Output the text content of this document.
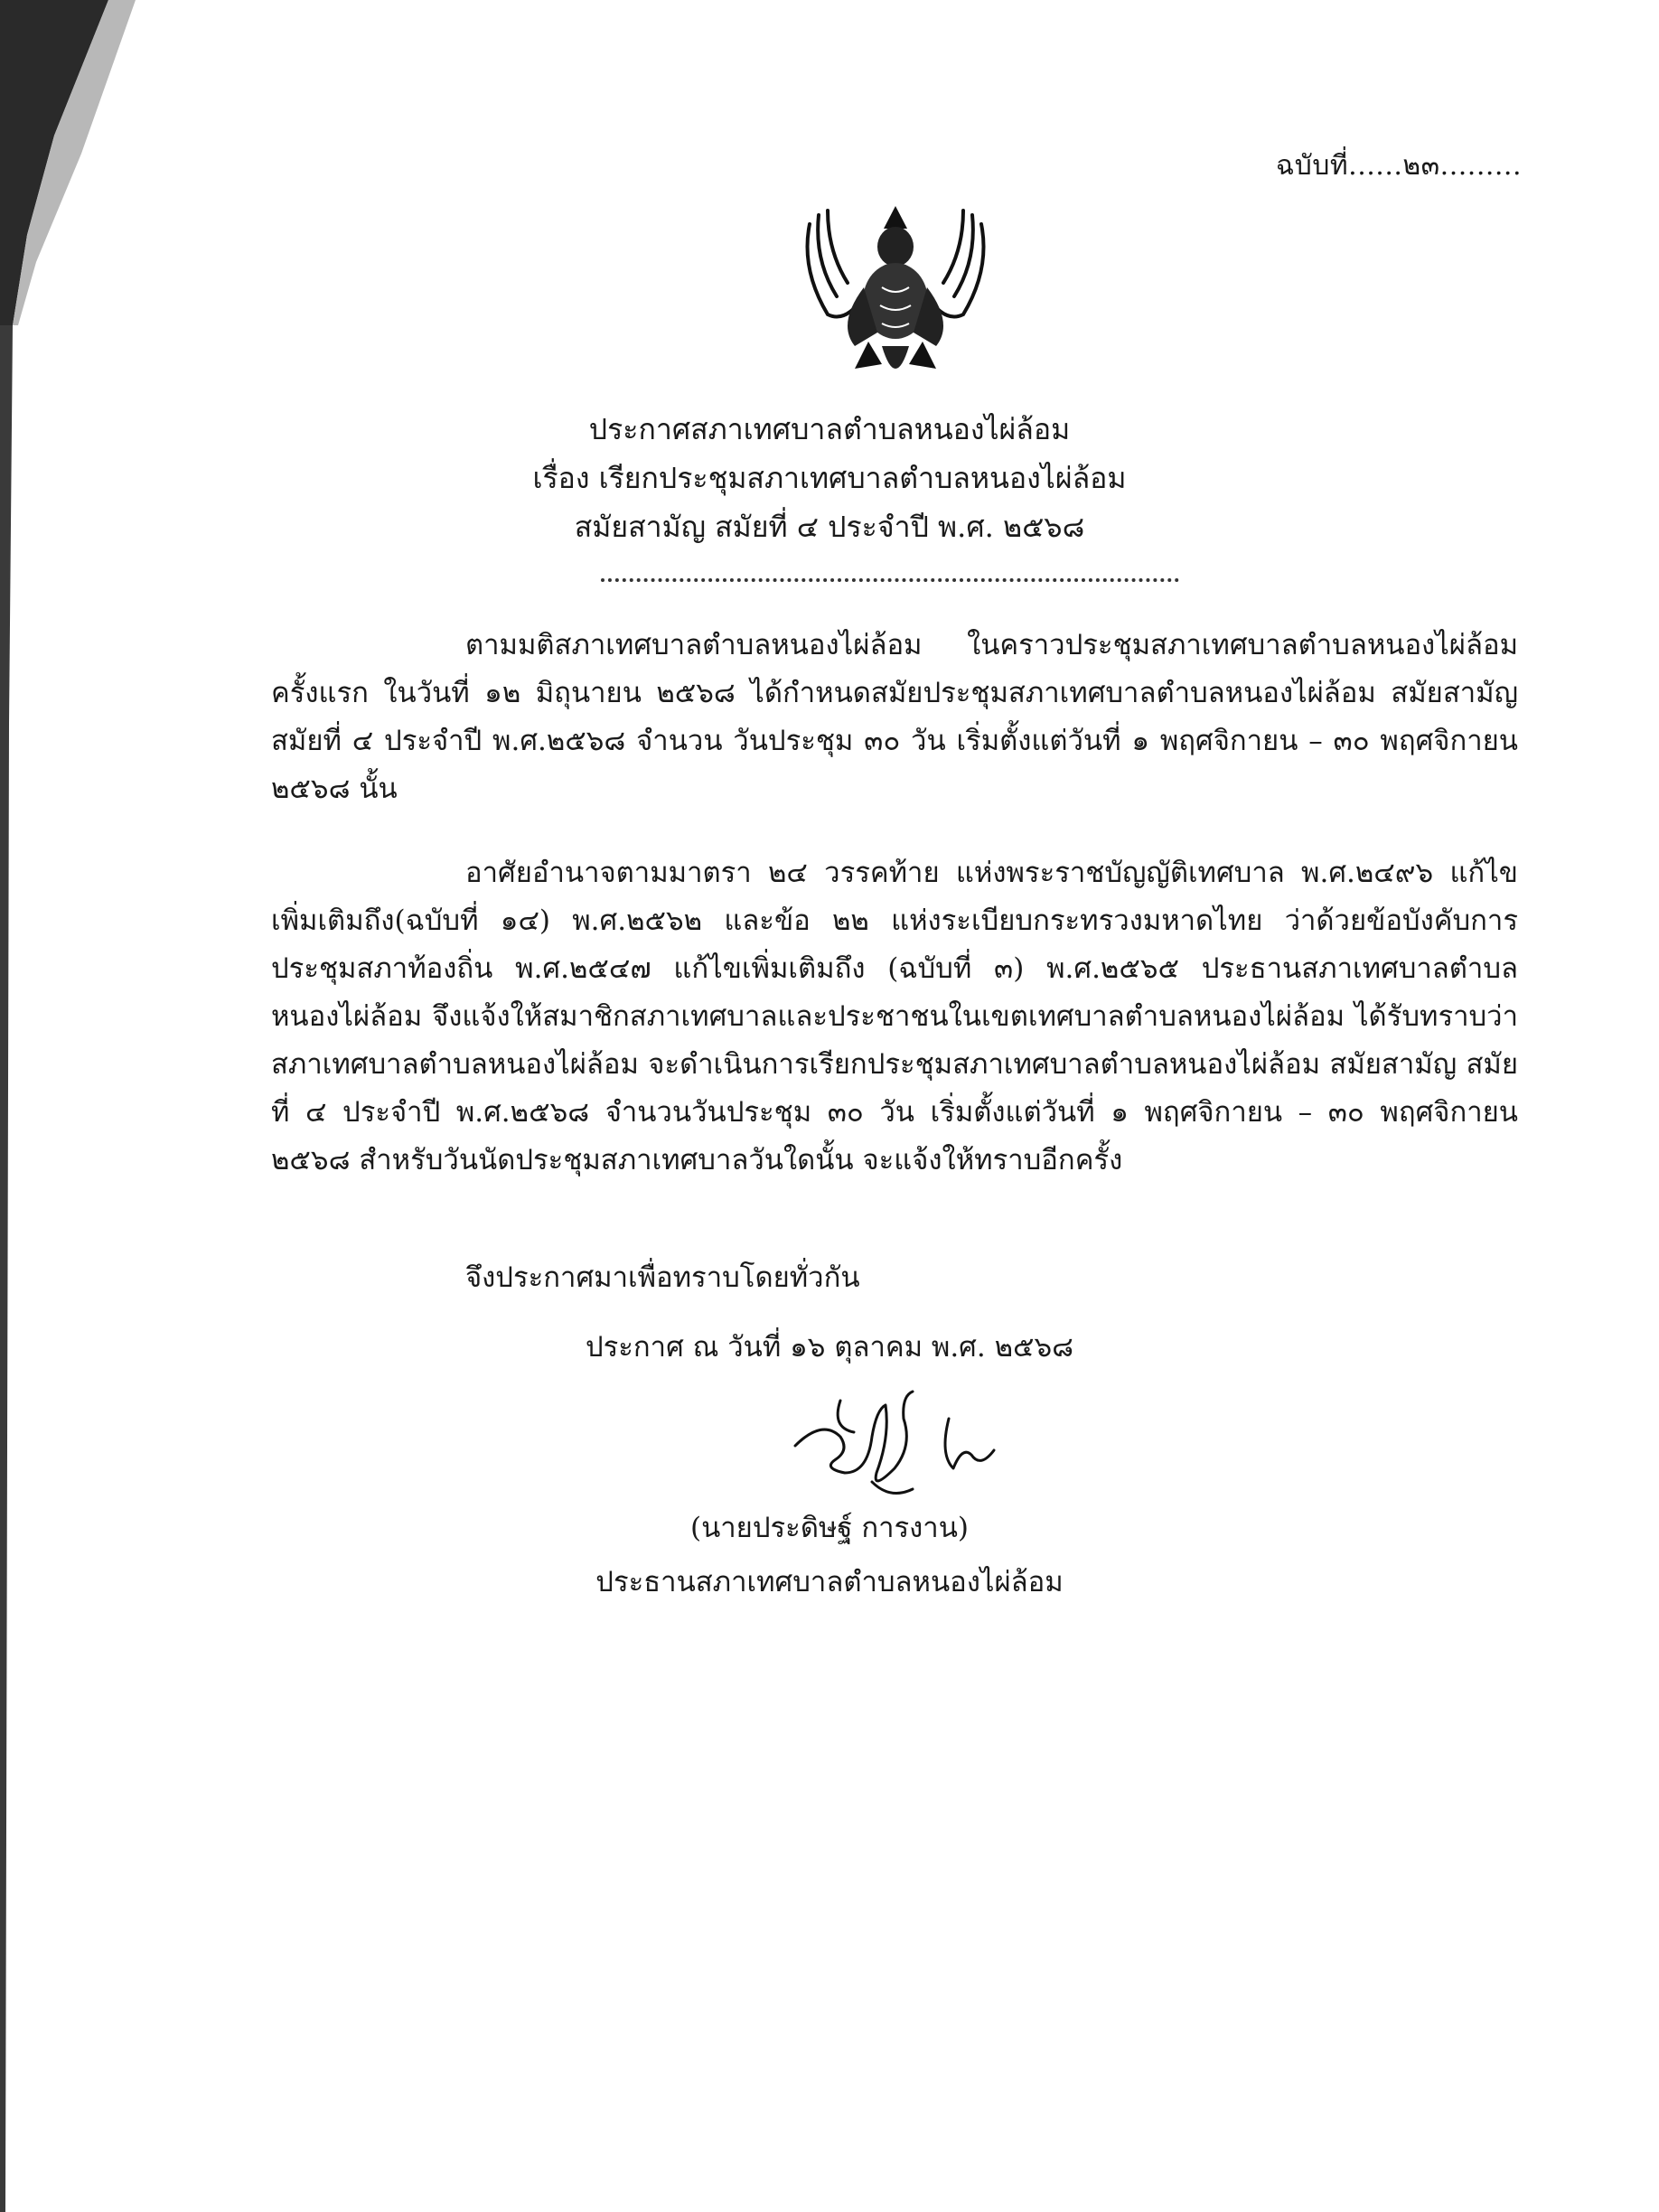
ฉบับที่......๒๓.........
ประกาศสภาเทศบาลตำบลหนองไผ่ล้อม
เรื่อง เรียกประชุมสภาเทศบาลตำบลหนองไผ่ล้อม
สมัยสามัญ สมัยที่ ๔ ประจำปี พ.ศ. ๒๕๖๘
ตามมติสภาเทศบาลตำบลหนองไผ่ล้อม ในคราวประชุมสภาเทศบาลตำบลหนองไผ่ล้อม ครั้งแรก ในวันที่ ๑๒ มิถุนายน ๒๕๖๘ ได้กำหนดสมัยประชุมสภาเทศบาลตำบลหนองไผ่ล้อม สมัยสามัญ สมัยที่ ๔ ประจำปี พ.ศ.๒๕๖๘ จำนวน วันประชุม ๓๐ วัน เริ่มตั้งแต่วันที่ ๑ พฤศจิกายน – ๓๐ พฤศจิกายน ๒๕๖๘ นั้น
อาศัยอำนาจตามมาตรา ๒๔ วรรคท้าย แห่งพระราชบัญญัติเทศบาล พ.ศ.๒๔๙๖ แก้ไขเพิ่มเติมถึง(ฉบับที่ ๑๔) พ.ศ.๒๕๖๒ และข้อ ๒๒ แห่งระเบียบกระทรวงมหาดไทย ว่าด้วยข้อบังคับการประชุมสภาท้องถิ่น พ.ศ.๒๕๔๗ แก้ไขเพิ่มเติมถึง (ฉบับที่ ๓) พ.ศ.๒๕๖๕ ประธานสภาเทศบาลตำบลหนองไผ่ล้อม จึงแจ้งให้สมาชิกสภาเทศบาลและประชาชนในเขตเทศบาลตำบลหนองไผ่ล้อม ได้รับทราบว่าสภาเทศบาลตำบลหนองไผ่ล้อม จะดำเนินการเรียกประชุมสภาเทศบาลตำบลหนองไผ่ล้อม สมัยสามัญ สมัยที่ ๔ ประจำปี พ.ศ.๒๕๖๘ จำนวนวันประชุม ๓๐ วัน เริ่มตั้งแต่วันที่ ๑ พฤศจิกายน – ๓๐ พฤศจิกายน ๒๕๖๘ สำหรับวันนัดประชุมสภาเทศบาลวันใดนั้น จะแจ้งให้ทราบอีกครั้ง
จึงประกาศมาเพื่อทราบโดยทั่วกัน
ประกาศ ณ วันที่ ๑๖ ตุลาคม พ.ศ. ๒๕๖๘
(นายประดิษฐ์ การงาน)
ประธานสภาเทศบาลตำบลหนองไผ่ล้อม
